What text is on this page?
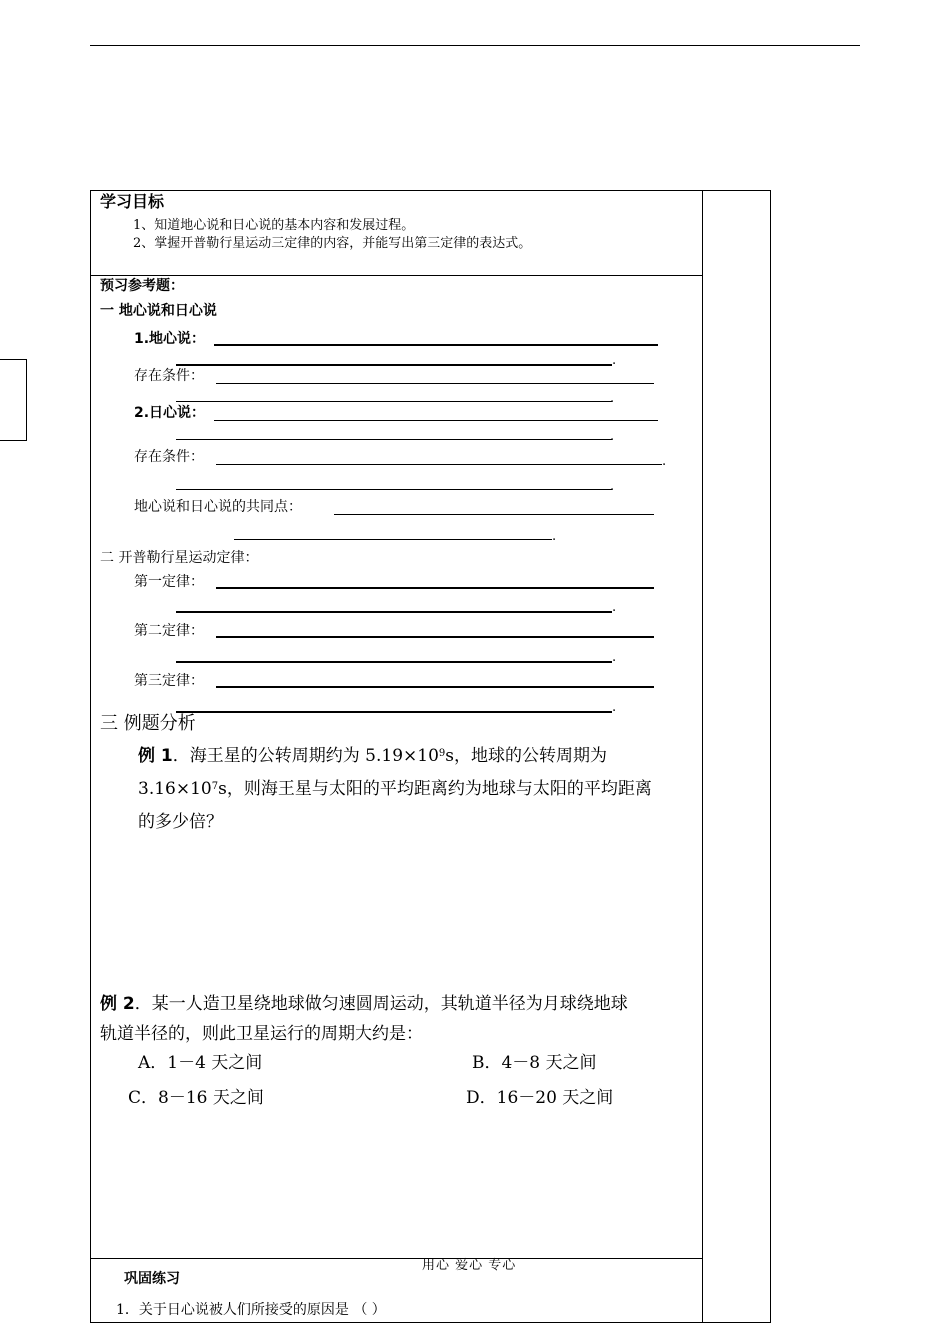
学习目标
1、知道地心说和日心说的基本内容和发展过程。
2、掌握开普勒行星运动三定律的内容，并能写出第三定律的表达式。
预习参考题：
一 地心说和日心说
1.地心说：
.
存在条件：
.
2.日心说：
.
存在条件：	.
.
地心说和日心说的共同点：
.
二 开普勒行星运动定律：
第一定律：
.
第二定律：
.
第三定律：
.
三 例题分析
例 1．海王星的公转周期约为 $5.19\times 10^9s$，地球的公转周期为
$3.16\times 10^7s$，则海王星与太阳的平均距离约为地球与太阳的平均距离
的多少倍？
例 2．某一人造卫星绕地球做匀速圆周运动，其轨道半径为月球绕地球
轨道半径的，则此卫星运行的周期大约是：
A．1－4 天之间	B．4－8 天之间
C．8－16 天之间	D．16－20 天之间
用心 爱心 专心
巩固练习
1．关于日心说被人们所接受的原因是 （ ）
